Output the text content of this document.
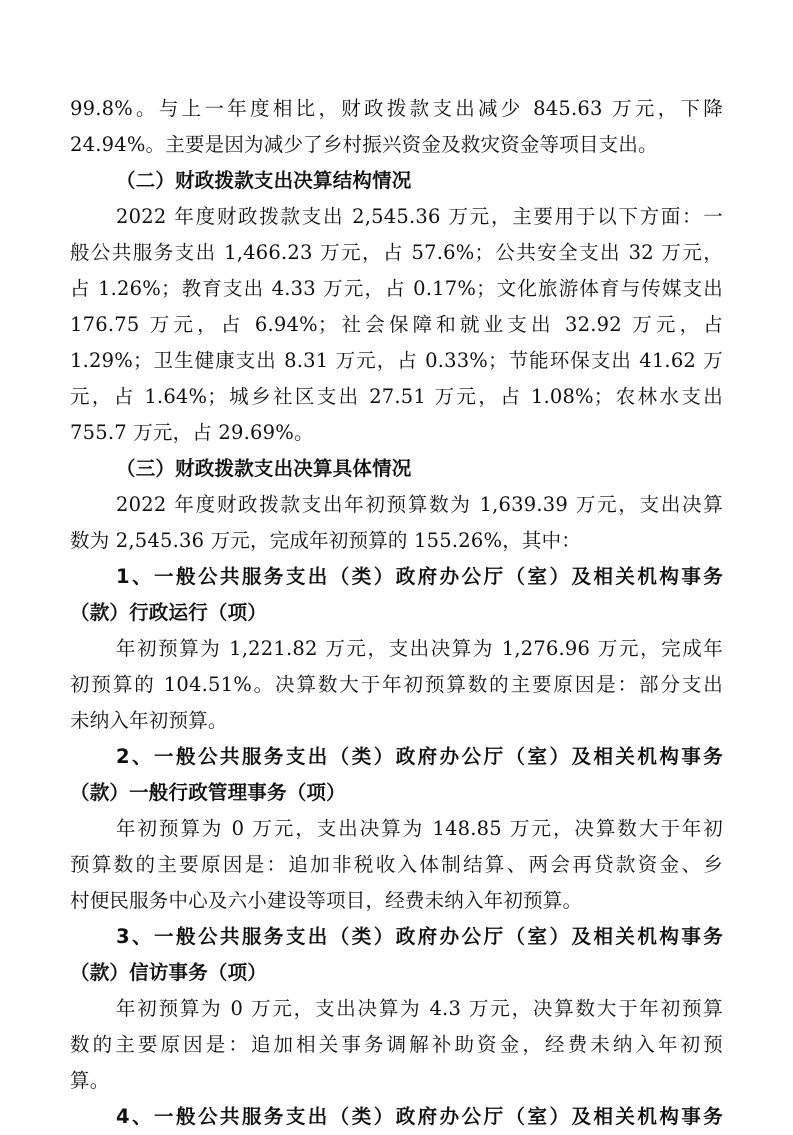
99.8%。与上一年度相比，财政拨款支出减少 845.63 万元，下降
24.94%。主要是因为减少了乡村振兴资金及救灾资金等项目支出。
（二）财政拨款支出决算结构情况
2022 年度财政拨款支出 2,545.36 万元，主要用于以下方面：一
般公共服务支出 1,466.23 万元，占 57.6%；公共安全支出 32 万元，
占 1.26%；教育支出 4.33 万元，占 0.17%；文化旅游体育与传媒支出
176.75 万元，占 6.94%；社会保障和就业支出 32.92 万元，占
1.29%；卫生健康支出 8.31 万元，占 0.33%；节能环保支出 41.62 万
元，占 1.64%；城乡社区支出 27.51 万元，占 1.08%；农林水支出
755.7 万元，占 29.69%。
（三）财政拨款支出决算具体情况
2022 年度财政拨款支出年初预算数为 1,639.39 万元，支出决算
数为 2,545.36 万元，完成年初预算的 155.26%，其中：
1、一般公共服务支出（类）政府办公厅（室）及相关机构事务
（款）行政运行（项）
年初预算为 1,221.82 万元，支出决算为 1,276.96 万元，完成年
初预算的 104.51%。决算数大于年初预算数的主要原因是：部分支出
未纳入年初预算。
2、一般公共服务支出（类）政府办公厅（室）及相关机构事务
（款）一般行政管理事务（项）
年初预算为 0 万元，支出决算为 148.85 万元，决算数大于年初
预算数的主要原因是：追加非税收入体制结算、两会再贷款资金、乡
村便民服务中心及六小建设等项目，经费未纳入年初预算。
3、一般公共服务支出（类）政府办公厅（室）及相关机构事务
（款）信访事务（项）
年初预算为 0 万元，支出决算为 4.3 万元，决算数大于年初预算
数的主要原因是：追加相关事务调解补助资金，经费未纳入年初预
算。
4、一般公共服务支出（类）政府办公厅（室）及相关机构事务
